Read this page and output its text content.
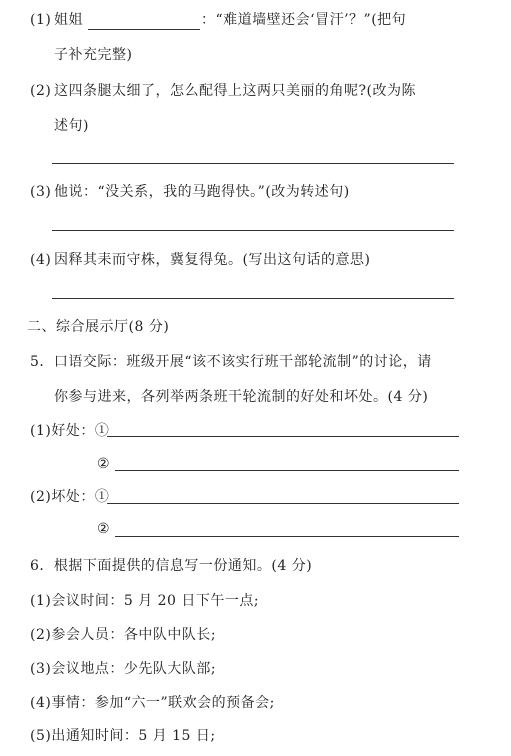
(1) 姐姐	：“难道墙壁还会‘冒汗’？”(把句
子补充完整)
(2) 这四条腿太细了，怎么配得上这两只美丽的角呢?(改为陈
述句)
(3) 他说：“没关系，我的马跑得快。”(改为转述句)
(4) 因释其耒而守株，冀复得兔。(写出这句话的意思)
二、综合展示厅(8 分)
5．口语交际：班级开展“该不该实行班干部轮流制”的讨论，请
你参与进来，各列举两条班干轮流制的好处和坏处。(4 分)
(1)好处：①
②
(2)坏处：①
②
6．根据下面提供的信息写一份通知。(4 分)
(1)会议时间：5 月 20 日下午一点;
(2)参会人员：各中队中队长;
(3)会议地点：少先队大队部;
(4)事情：参加“六一”联欢会的预备会;
(5)出通知时间：5 月 15 日;
